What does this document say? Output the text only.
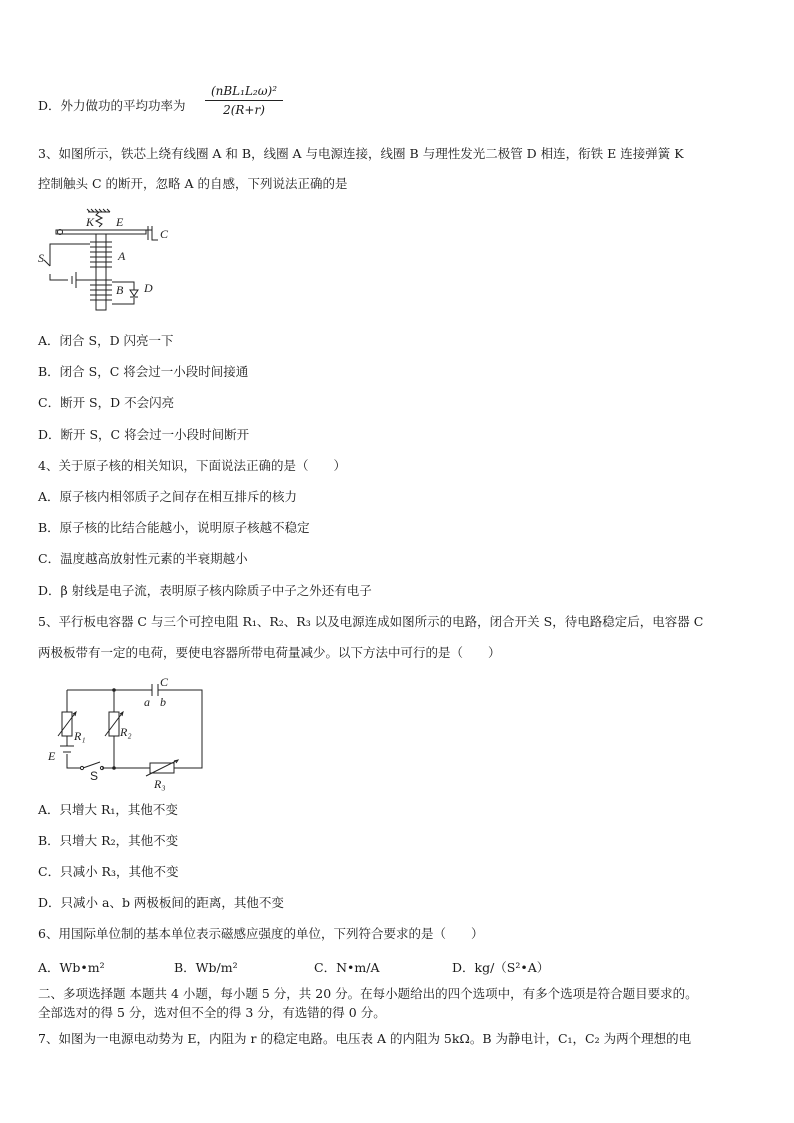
D．外力做功的平均功率为
(nBL₁L₂ω)²
2(R+r)
3、如图所示，铁芯上绕有线圈 A 和 B，线圈 A 与电源连接，线圈 B 与理性发光二极管 D 相连，衔铁 E 连接弹簧 K
控制触头 C 的断开，忽略 A 的自感，下列说法正确的是
K E
C
S	A
B D
A．闭合 S，D 闪亮一下
B．闭合 S，C 将会过一小段时间接通
C．断开 S，D 不会闪亮
D．断开 S，C 将会过一小段时间断开
4、关于原子核的相关知识，下面说法正确的是（　　）
A．原子核内相邻质子之间存在相互排斥的核力
B．原子核的比结合能越小，说明原子核越不稳定
C．温度越高放射性元素的半衰期越小
D．β 射线是电子流，表明原子核内除质子中子之外还有电子
5、平行板电容器 C 与三个可控电阻 R₁、R₂、R₃ 以及电源连成如图所示的电路，闭合开关 S，待电路稳定后，电容器 C
两极板带有一定的电荷，要使电容器所带电荷量减少。以下方法中可行的是（　　）
C
a b
R₁	R₂
E
R₃
S
A．只增大 R₁，其他不变
B．只增大 R₂，其他不变
C．只减小 R₃，其他不变
D．只减小 a、b 两极板间的距离，其他不变
6、用国际单位制的基本单位表示磁感应强度的单位，下列符合要求的是（　　）
A．Wb•m²	B．Wb/m²	C．N•m/A	D．kg/（S²•A）
二、多项选择题 本题共 4 小题，每小题 5 分，共 20 分。在每小题给出的四个选项中，有多个选项是符合题目要求的。
全部选对的得 5 分，选对但不全的得 3 分，有选错的得 0 分。
7、如图为一电源电动势为 E，内阻为 r 的稳定电路。电压表 A 的内阻为 5kΩ。B 为静电计，C₁，C₂ 为两个理想的电
